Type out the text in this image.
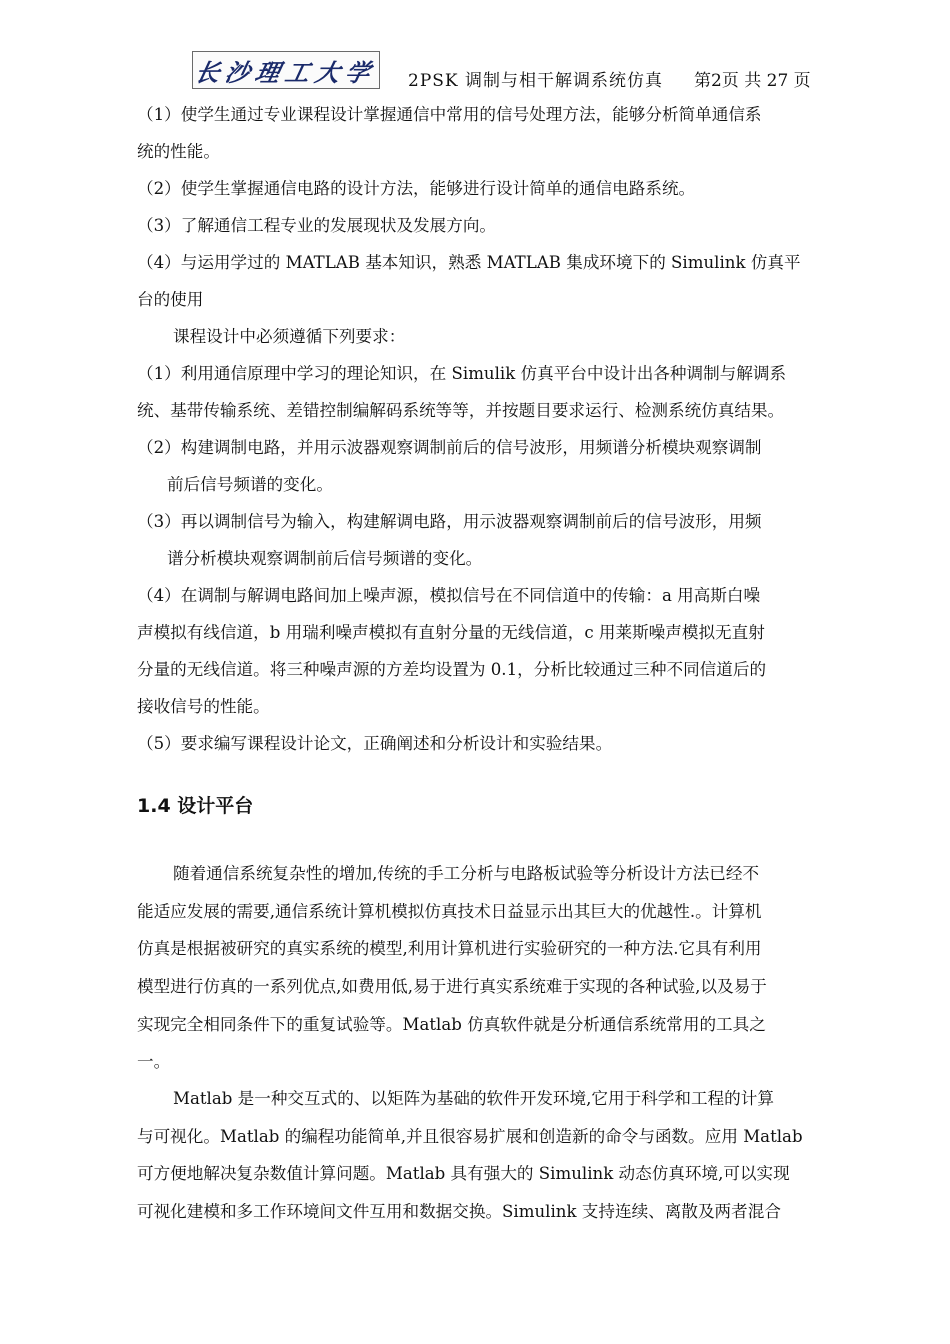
长沙理工大学 2PSK 调制与相干解调系统仿真 第2页 共 27 页
（1）使学生通过专业课程设计掌握通信中常用的信号处理方法，能够分析简单通信系
统的性能。
（2）使学生掌握通信电路的设计方法，能够进行设计简单的通信电路系统。
（3）了解通信工程专业的发展现状及发展方向。
（4）与运用学过的 MATLAB 基本知识，熟悉 MATLAB 集成环境下的 Simulink 仿真平
台的使用
课程设计中必须遵循下列要求：
（1）利用通信原理中学习的理论知识，在 Simulik 仿真平台中设计出各种调制与解调系
统、基带传输系统、差错控制编解码系统等等，并按题目要求运行、检测系统仿真结果。
（2）构建调制电路，并用示波器观察调制前后的信号波形，用频谱分析模块观察调制
前后信号频谱的变化。
（3）再以调制信号为输入，构建解调电路，用示波器观察调制前后的信号波形，用频
谱分析模块观察调制前后信号频谱的变化。
（4）在调制与解调电路间加上噪声源，模拟信号在不同信道中的传输：a 用高斯白噪
声模拟有线信道，b 用瑞利噪声模拟有直射分量的无线信道，c 用莱斯噪声模拟无直射
分量的无线信道。将三种噪声源的方差均设置为 0.1，分析比较通过三种不同信道后的
接收信号的性能。
（5）要求编写课程设计论文，正确阐述和分析设计和实验结果。
1.4 设计平台
随着通信系统复杂性的增加,传统的手工分析与电路板试验等分析设计方法已经不
能适应发展的需要,通信系统计算机模拟仿真技术日益显示出其巨大的优越性.。计算机
仿真是根据被研究的真实系统的模型,利用计算机进行实验研究的一种方法.它具有利用
模型进行仿真的一系列优点,如费用低,易于进行真实系统难于实现的各种试验,以及易于
实现完全相同条件下的重复试验等。Matlab 仿真软件就是分析通信系统常用的工具之
一。
Matlab 是一种交互式的、以矩阵为基础的软件开发环境,它用于科学和工程的计算
与可视化。Matlab 的编程功能简单,并且很容易扩展和创造新的命令与函数。应用 Matlab
可方便地解决复杂数值计算问题。Matlab 具有强大的 Simulink 动态仿真环境,可以实现
可视化建模和多工作环境间文件互用和数据交换。Simulink 支持连续、离散及两者混合
